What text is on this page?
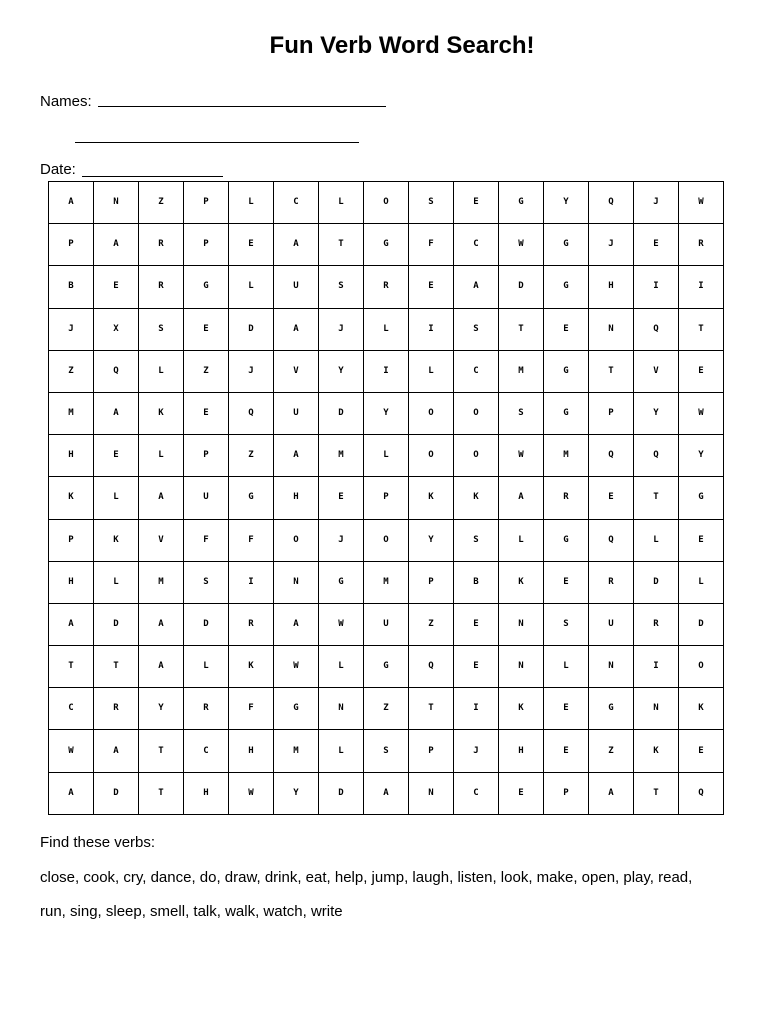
Fun Verb Word Search!
Names:
Date:
A	N	Z	P	L	C	L	O	S	E	G	Y	Q	J	W
P	A	R	P	E	A	T	G	F	C	W	G	J	E	R
B	E	R	G	L	U	S	R	E	A	D	G	H	I	I
J	X	S	E	D	A	J	L	I	S	T	E	N	Q	T
Z	Q	L	Z	J	V	Y	I	L	C	M	G	T	V	E
M	A	K	E	Q	U	D	Y	O	O	S	G	P	Y	W
H	E	L	P	Z	A	M	L	O	O	W	M	Q	Q	Y
K	L	A	U	G	H	E	P	K	K	A	R	E	T	G
P	K	V	F	F	O	J	O	Y	S	L	G	Q	L	E
H	L	M	S	I	N	G	M	P	B	K	E	R	D	L
A	D	A	D	R	A	W	U	Z	E	N	S	U	R	D
T	T	A	L	K	W	L	G	Q	E	N	L	N	I	O
C	R	Y	R	F	G	N	Z	T	I	K	E	G	N	K
W	A	T	C	H	M	L	S	P	J	H	E	Z	K	E
A	D	T	H	W	Y	D	A	N	C	E	P	A	T	Q
Find these verbs:
close, cook, cry, dance, do, draw, drink, eat, help, jump, laugh, listen, look, make, open, play, read,
run, sing, sleep, smell, talk, walk, watch, write
